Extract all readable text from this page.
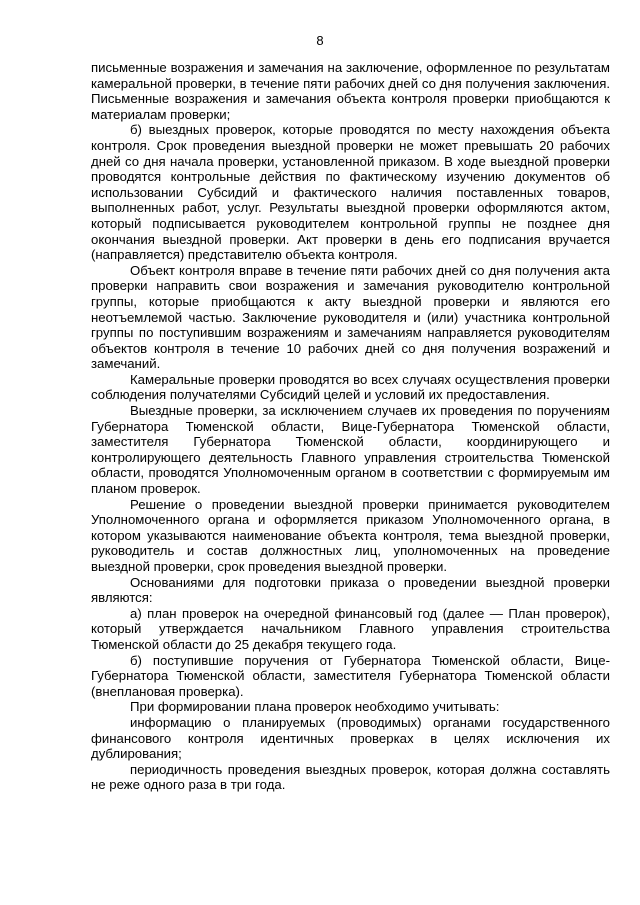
8

письменные возражения и замечания на заключение, оформленное по результатам камеральной проверки, в течение пяти рабочих дней со дня получения заключения. Письменные возражения и замечания объекта контроля проверки приобщаются к материалам проверки;

б) выездных проверок, которые проводятся по месту нахождения объекта контроля. Срок проведения выездной проверки не может превышать 20 рабочих дней со дня начала проверки, установленной приказом. В ходе выездной проверки проводятся контрольные действия по фактическому изучению документов об использовании Субсидий и фактического наличия поставленных товаров, выполненных работ, услуг. Результаты выездной проверки оформляются актом, который подписывается руководителем контрольной группы не позднее дня окончания выездной проверки. Акт проверки в день его подписания вручается (направляется) представителю объекта контроля.

Объект контроля вправе в течение пяти рабочих дней со дня получения акта проверки направить свои возражения и замечания руководителю контрольной группы, которые приобщаются к акту выездной проверки и являются его неотъемлемой частью. Заключение руководителя и (или) участника контрольной группы по поступившим возражениям и замечаниям направляется руководителям объектов контроля в течение 10 рабочих дней со дня получения возражений и замечаний.

Камеральные проверки проводятся во всех случаях осуществления проверки соблюдения получателями Субсидий целей и условий их предоставления.

Выездные проверки, за исключением случаев их проведения по поручениям Губернатора Тюменской области, Вице-Губернатора Тюменской области, заместителя Губернатора Тюменской области, координирующего и контролирующего деятельность Главного управления строительства Тюменской области, проводятся Уполномоченным органом в соответствии с формируемым им планом проверок.

Решение о проведении выездной проверки принимается руководителем Уполномоченного органа и оформляется приказом Уполномоченного органа, в котором указываются наименование объекта контроля, тема выездной проверки, руководитель и состав должностных лиц, уполномоченных на проведение выездной проверки, срок проведения выездной проверки.

Основаниями для подготовки приказа о проведении выездной проверки являются:

а) план проверок на очередной финансовый год (далее — План проверок), который утверждается начальником Главного управления строительства Тюменской области до 25 декабря текущего года.

б) поступившие поручения от Губернатора Тюменской области, Вице-Губернатора Тюменской области, заместителя Губернатора Тюменской области (внеплановая проверка).

При формировании плана проверок необходимо учитывать:

информацию о планируемых (проводимых) органами государственного финансового контроля идентичных проверках в целях исключения их дублирования;

периодичность проведения выездных проверок, которая должна составлять не реже одного раза в три года.
